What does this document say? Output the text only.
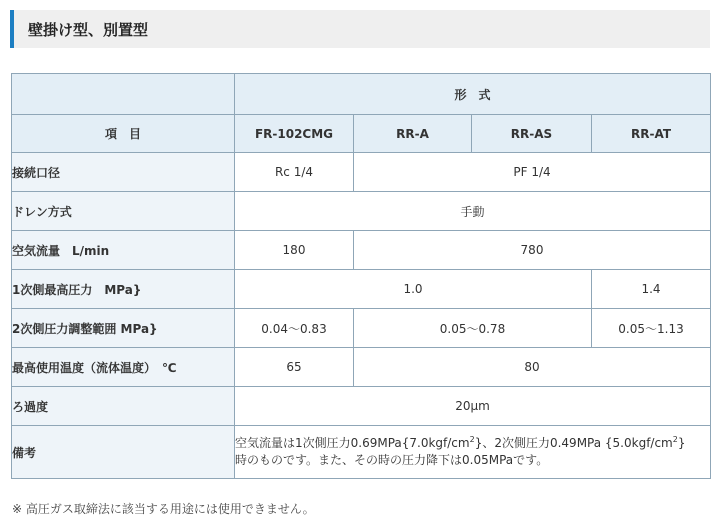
壁掛け型、別置型
	形　式			
項　目	FR-102CMG	RR-A	RR-AS	RR-AT
接続口径	Rc 1/4	PF 1/4		
ドレン方式	手動			
空気流量　L/min	180	780		
1次側最高圧力　MPa}	1.0			1.4
2次側圧力調整範囲 MPa}	0.04～0.83	0.05～0.78		0.05～1.13
最高使用温度（流体温度）　℃	65	80		
ろ過度	20μm			
備考	空気流量は1次側圧力$0.69MPa\{7.0kgf/cm^2\}$、2次側圧力0.49MPa $\{5.0kgf/cm^2\}$
時のものです。また、その時の圧力降下は0.05MPaです。			
※ 高圧ガス取締法に該当する用途には使用できません。
